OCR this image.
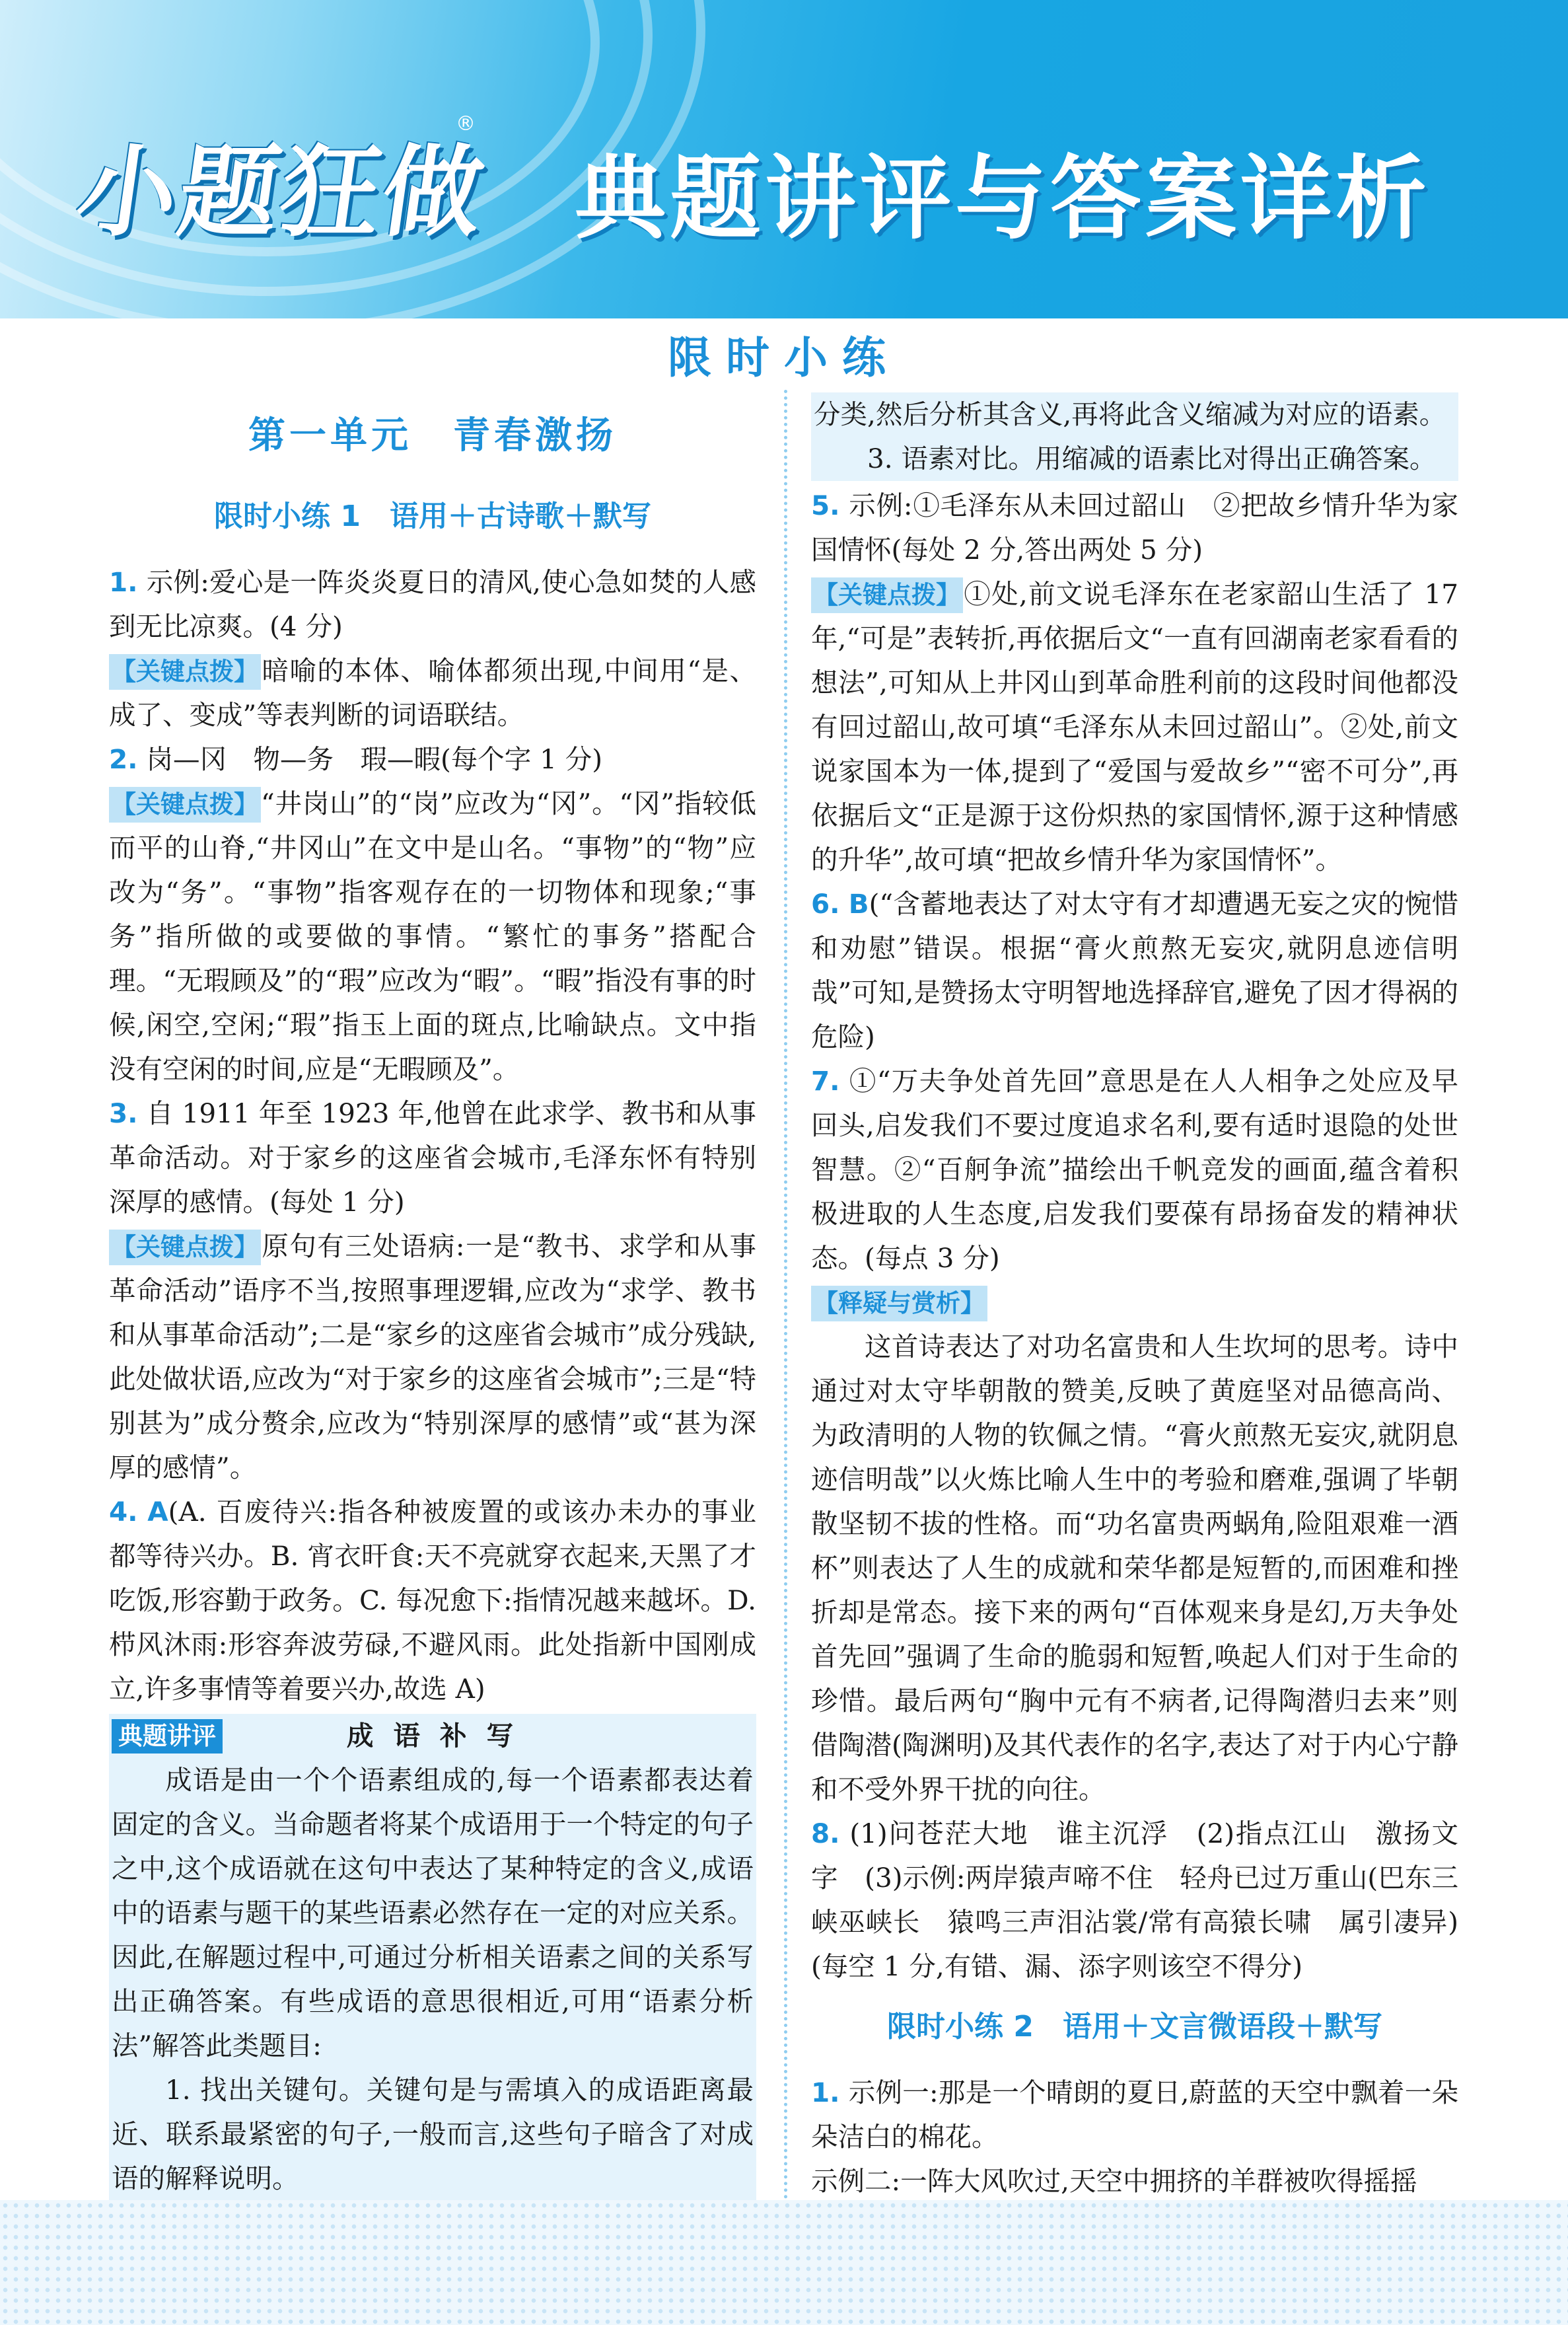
小题狂做
®
典题讲评与答案详析
限时小练
第一单元　青春激扬
限时小练 1　语用＋古诗歌＋默写

1. 示例:爱心是一阵炎炎夏日的清风,使心急如焚的人感到无比凉爽。(4 分)

【关键点拨】暗喻的本体、喻体都须出现,中间用“是、成了、变成”等表判断的词语联结。

2. 岗—冈　物—务　瑕—暇(每个字 1 分)

【关键点拨】“井岗山”的“岗”应改为“冈”。“冈”指较低而平的山脊,“井冈山”在文中是山名。“事物”的“物”应改为“务”。“事物”指客观存在的一切物体和现象;“事务”指所做的或要做的事情。“繁忙的事务”搭配合理。“无瑕顾及”的“瑕”应改为“暇”。“暇”指没有事的时候,闲空,空闲;“瑕”指玉上面的斑点,比喻缺点。文中指没有空闲的时间,应是“无暇顾及”。

3. 自 1911 年至 1923 年,他曾在此求学、教书和从事革命活动。对于家乡的这座省会城市,毛泽东怀有特别深厚的感情。(每处 1 分)

【关键点拨】原句有三处语病:一是“教书、求学和从事革命活动”语序不当,按照事理逻辑,应改为“求学、教书和从事革命活动”;二是“家乡的这座省会城市”成分残缺,此处做状语,应改为“对于家乡的这座省会城市”;三是“特别甚为”成分赘余,应改为“特别深厚的感情”或“甚为深厚的感情”。

4. A(A. 百废待兴:指各种被废置的或该办未办的事业都等待兴办。B. 宵衣旰食:天不亮就穿衣起来,天黑了才吃饭,形容勤于政务。C. 每况愈下:指情况越来越坏。D. 栉风沐雨:形容奔波劳碌,不避风雨。此处指新中国刚成立,许多事情等着要兴办,故选 A)

典题讲评	成 语 补 写

成语是由一个个语素组成的,每一个语素都表达着固定的含义。当命题者将某个成语用于一个特定的句子之中,这个成语就在这句中表达了某种特定的含义,成语中的语素与题干的某些语素必然存在一定的对应关系。因此,在解题过程中,可通过分析相关语素之间的关系写出正确答案。有些成语的意思很相近,可用“语素分析法”解答此类题目:

1. 找出关键句。关键句是与需填入的成语距离最近、联系最紧密的句子,一般而言,这些句子暗含了对成语的解释说明。

分类,然后分析其含义,再将此含义缩减为对应的语素。

3. 语素对比。用缩减的语素比对得出正确答案。

5. 示例:①毛泽东从未回过韶山　②把故乡情升华为家国情怀(每处 2 分,答出两处 5 分)

【关键点拨】①处,前文说毛泽东在老家韶山生活了 17 年,“可是”表转折,再依据后文“一直有回湖南老家看看的想法”,可知从上井冈山到革命胜利前的这段时间他都没有回过韶山,故可填“毛泽东从未回过韶山”。②处,前文说家国本为一体,提到了“爱国与爱故乡”“密不可分”,再依据后文“正是源于这份炽热的家国情怀,源于这种情感的升华”,故可填“把故乡情升华为家国情怀”。

6. B(“含蓄地表达了对太守有才却遭遇无妄之灾的惋惜和劝慰”错误。根据“膏火煎熬无妄灾,就阴息迹信明哉”可知,是赞扬太守明智地选择辞官,避免了因才得祸的危险)

7. ①“万夫争处首先回”意思是在人人相争之处应及早回头,启发我们不要过度追求名利,要有适时退隐的处世智慧。②“百舸争流”描绘出千帆竞发的画面,蕴含着积极进取的人生态度,启发我们要葆有昂扬奋发的精神状态。(每点 3 分)

【释疑与赏析】

这首诗表达了对功名富贵和人生坎坷的思考。诗中通过对太守毕朝散的赞美,反映了黄庭坚对品德高尚、为政清明的人物的钦佩之情。“膏火煎熬无妄灾,就阴息迹信明哉”以火炼比喻人生中的考验和磨难,强调了毕朝散坚韧不拔的性格。而“功名富贵两蜗角,险阻艰难一酒杯”则表达了人生的成就和荣华都是短暂的,而困难和挫折却是常态。接下来的两句“百体观来身是幻,万夫争处首先回”强调了生命的脆弱和短暂,唤起人们对于生命的珍惜。最后两句“胸中元有不病者,记得陶潜归去来”则借陶潜(陶渊明)及其代表作的名字,表达了对于内心宁静和不受外界干扰的向往。

8. (1)问苍茫大地　谁主沉浮　(2)指点江山　激扬文字　(3)示例:两岸猿声啼不住　轻舟已过万重山(巴东三峡巫峡长　猿鸣三声泪沾裳/常有高猿长啸　属引凄异)(每空 1 分,有错、漏、添字则该空不得分)

限时小练 2　语用＋文言微语段＋默写

1. 示例一:那是一个晴朗的夏日,蔚蓝的天空中飘着一朵朵洁白的棉花。

示例二:一阵大风吹过,天空中拥挤的羊群被吹得摇摇
